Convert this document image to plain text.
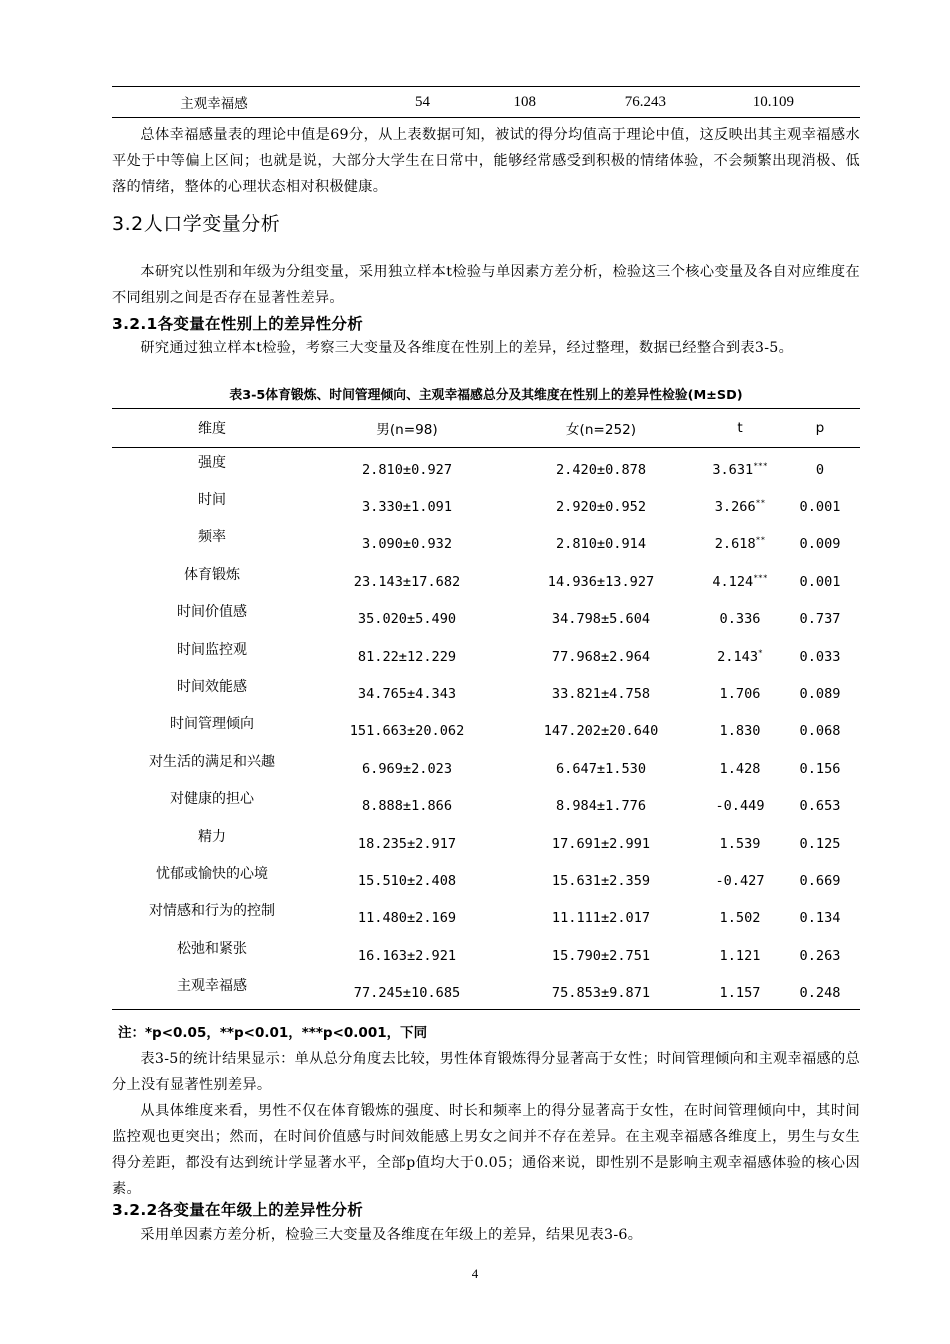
主观幸福感	54	108	76.243	10.109

总体幸福感量表的理论中值是69分，从上表数据可知，被试的得分均值高于理论中值，这反映出其主观幸福感水平处于中等偏上区间；也就是说，大部分大学生在日常中，能够经常感受到积极的情绪体验，不会频繁出现消极、低落的情绪，整体的心理状态相对积极健康。

3.2人口学变量分析

本研究以性别和年级为分组变量，采用独立样本t检验与单因素方差分析，检验这三个核心变量及各自对应维度在不同组别之间是否存在显著性差异。

3.2.1各变量在性别上的差异性分析

研究通过独立样本t检验，考察三大变量及各维度在性别上的差异，经过整理，数据已经整合到表3-5。

表3-5体育锻炼、时间管理倾向、主观幸福感总分及其维度在性别上的差异性检验(M±SD)
维度	男(n=98)	女(n=252)	t	p
强度	2.810±0.927	2.420±0.878	3.631***	0
时间	3.330±1.091	2.920±0.952	3.266**	0.001
频率	3.090±0.932	2.810±0.914	2.618**	0.009
体育锻炼	23.143±17.682	14.936±13.927	4.124***	0.001
时间价值感	35.020±5.490	34.798±5.604	0.336	0.737
时间监控观	81.22±12.229	77.968±2.964	2.143*	0.033
时间效能感	34.765±4.343	33.821±4.758	1.706	0.089
时间管理倾向	151.663±20.062	147.202±20.640	1.830	0.068
对生活的满足和兴趣	6.969±2.023	6.647±1.530	1.428	0.156
对健康的担心	8.888±1.866	8.984±1.776	-0.449	0.653
精力	18.235±2.917	17.691±2.991	1.539	0.125
忧郁或愉快的心境	15.510±2.408	15.631±2.359	-0.427	0.669
对情感和行为的控制	11.480±2.169	11.111±2.017	1.502	0.134
松弛和紧张	16.163±2.921	15.790±2.751	1.121	0.263
主观幸福感	77.245±10.685	75.853±9.871	1.157	0.248
注：*p<0.05，**p<0.01，***p<0.001，下同

表3-5的统计结果显示：单从总分角度去比较，男性体育锻炼得分显著高于女性；时间管理倾向和主观幸福感的总分上没有显著性别差异。

从具体维度来看，男性不仅在体育锻炼的强度、时长和频率上的得分显著高于女性，在时间管理倾向中，其时间监控观也更突出；然而，在时间价值感与时间效能感上男女之间并不存在差异。在主观幸福感各维度上，男生与女生得分差距，都没有达到统计学显著水平，全部p值均大于0.05；通俗来说，即性别不是影响主观幸福感体验的核心因素。

3.2.2各变量在年级上的差异性分析

采用单因素方差分析，检验三大变量及各维度在年级上的差异，结果见表3-6。

4
